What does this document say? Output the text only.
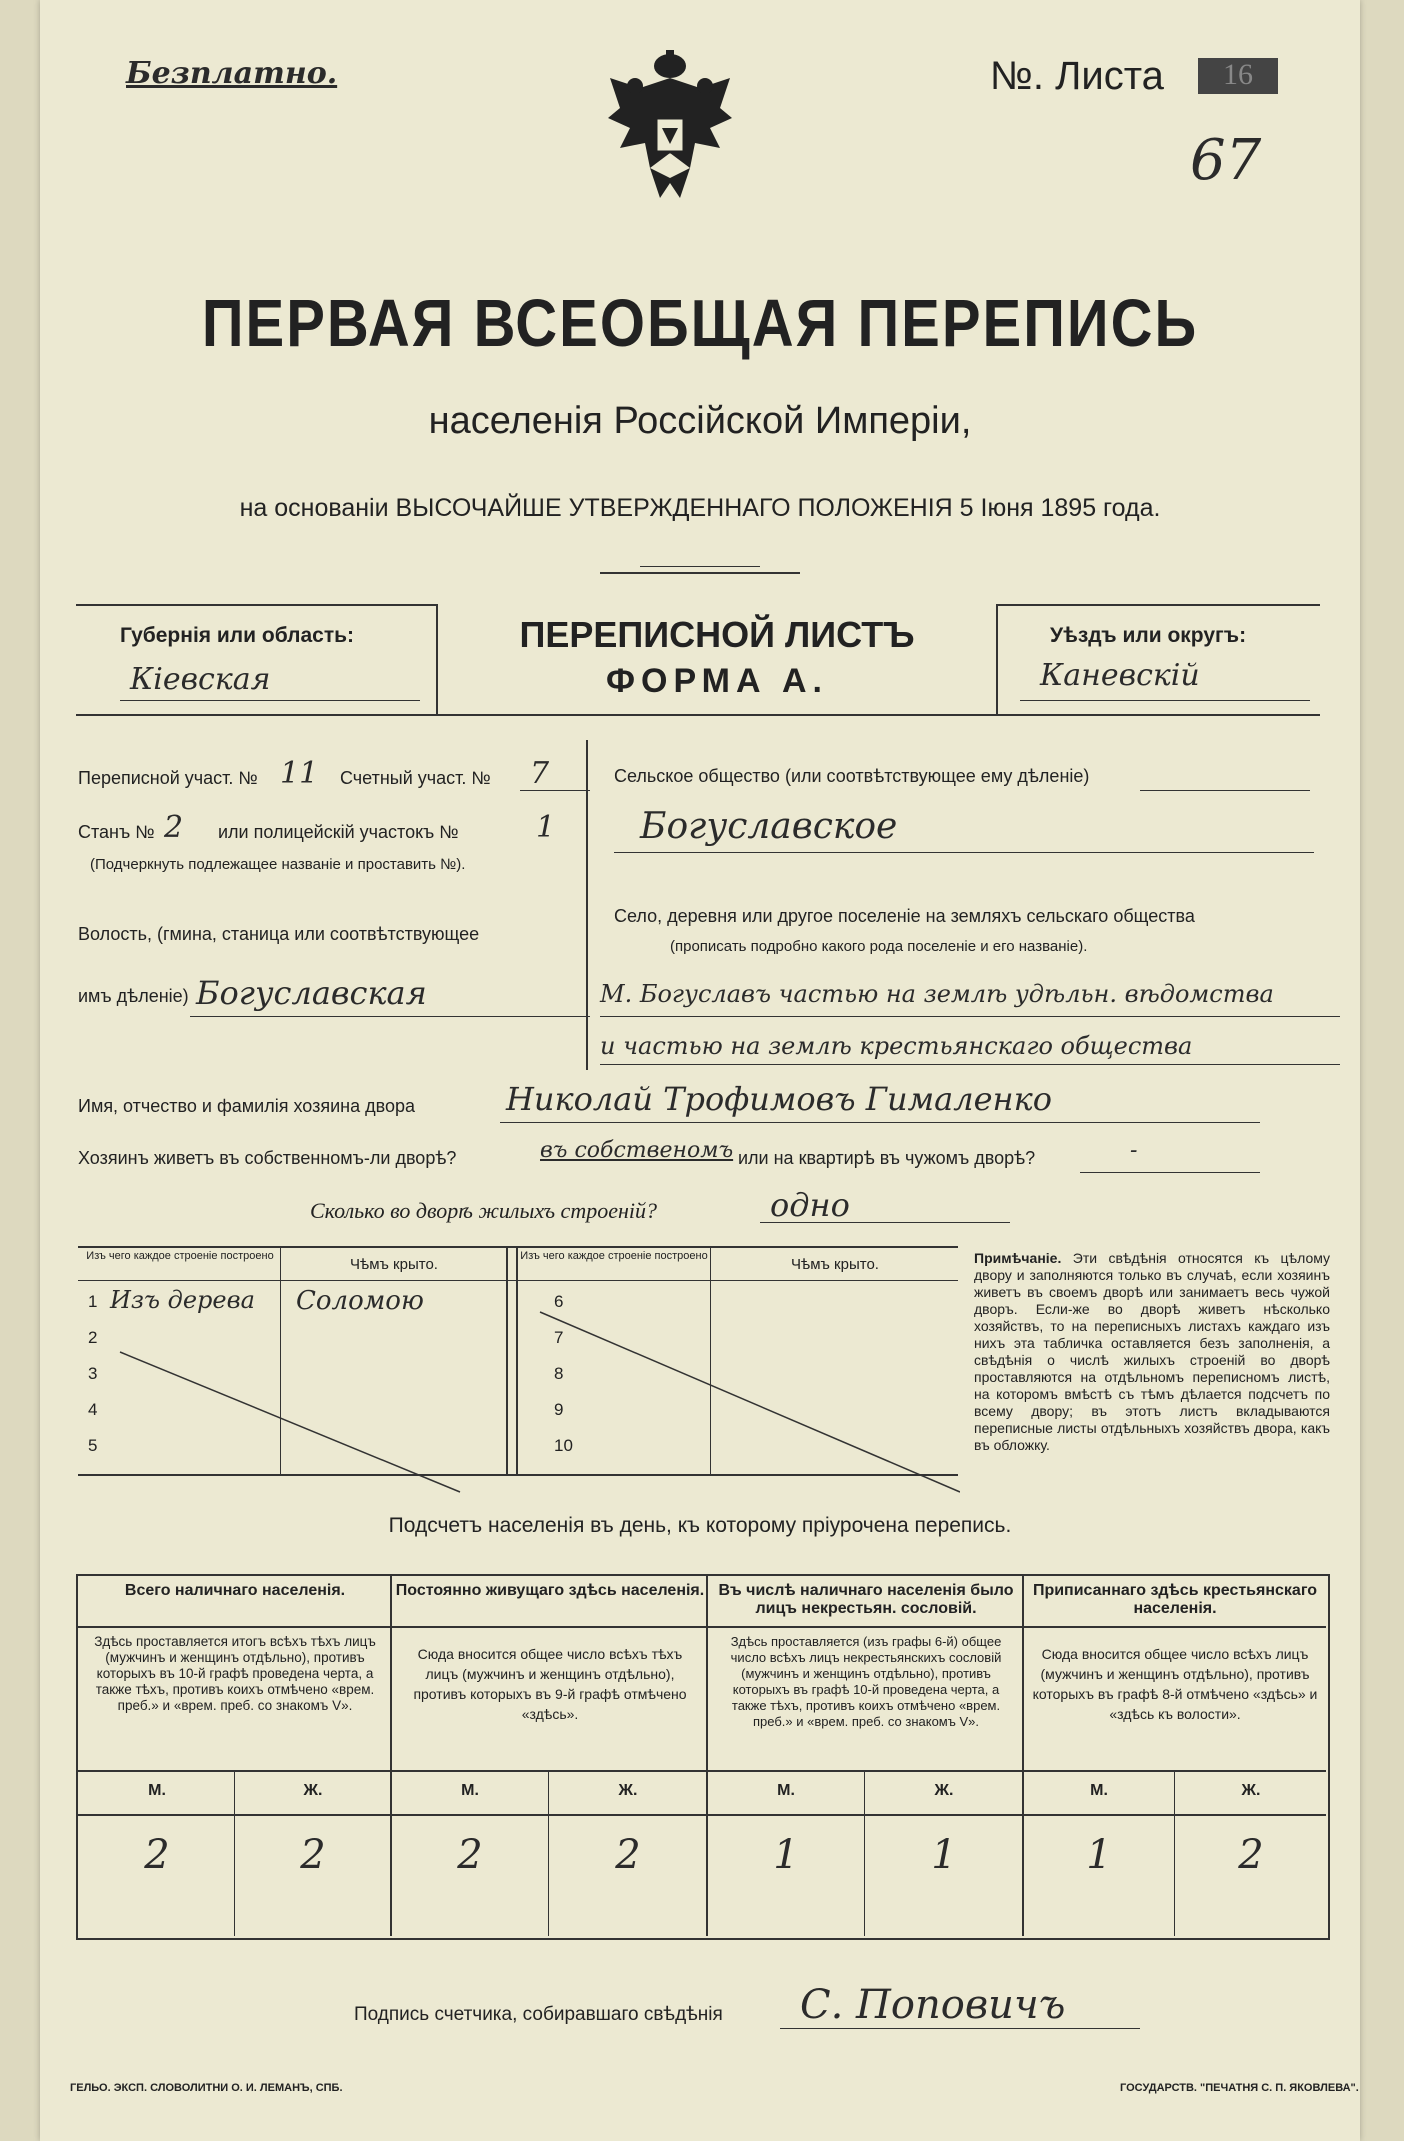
Безплатно.	№. Листа	16
67

ПЕРВАЯ ВСЕОБЩАЯ ПЕРЕПИСЬ
населенія Россійской Имперіи,
на основаніи ВЫСОЧАЙШЕ УТВЕРЖДЕННАГО ПОЛОЖЕНІЯ 5 Іюня 1895 года.
Губернія или область:
Кіевская
ПЕРЕПИСНОЙ ЛИСТЪ
ФОРМА А.
Уѣздъ или округъ:
Каневскій
Переписной участ. № 11 Счетный участ. № 7
Станъ № 2 или полицейскій участокъ №	1
(Подчеркнуть подлежащее названіе и проставить №).
Волость, (гмина, станица или соотвѣтствующее
имъ дѣленіе) Богуславская
Сельское общество (или соотвѣтствующее ему дѣленіе)
Богуславское
Село, деревня или другое поселеніе на земляхъ сельскаго общества
(прописать подробно какого рода поселеніе и его названіе).
М. Богуславъ частью на землѣ удѣльн. вѣдомства
и частью на землѣ крестьянскаго общества
Имя, отчество и фамилія хозяина двора	Николай Трофимовъ Гималенко
Хозяинъ живетъ въ собственномъ-ли дворѣ?	въ собственомъ или на квартирѣ въ чужомъ дворѣ?	-
Сколько во дворѣ жилыхъ строеній?	одно
Изъ чего каждое строеніе построено	Чѣмъ крыто.	Изъ чего каждое строеніе построено	Чѣмъ крыто.
1 Изъ дерева Соломою
2
3
4
5
6
7
8
9
10
Примѣчаніе. Эти свѣдѣнія относятся къ цѣлому двору и заполняются только въ случаѣ, если хозяинъ живетъ въ своемъ дворѣ или занимаетъ весь чужой дворъ. Если-же во дворѣ живетъ нѣсколько хозяйствъ, то на переписныхъ листахъ каждаго изъ нихъ эта табличка оставляется безъ заполненія, а свѣдѣнія о числѣ жилыхъ строеній во дворѣ проставляются на отдѣльномъ переписномъ листѣ, на которомъ вмѣстѣ съ тѣмъ дѣлается подсчетъ по всему двору; въ этотъ листъ вкладываются переписные листы отдѣльныхъ хозяйствъ двора, какъ въ обложку.
Подсчетъ населенія въ день, къ которому пріурочена перепись.
Всего наличнаго населенія.
Здѣсь проставляется итогъ всѣхъ тѣхъ лицъ (мужчинъ и женщинъ отдѣльно), противъ которыхъ въ 10-й графѣ проведена черта, а также тѣхъ, противъ коихъ отмѣчено «врем. преб.» и «врем. преб. со знакомъ V».
М.	Ж.
2	2
Постоянно живущаго здѣсь населенія.
Сюда вносится общее число всѣхъ тѣхъ лицъ (мужчинъ и женщинъ отдѣльно), противъ которыхъ въ 9-й графѣ отмѣчено «здѣсь».
М.	Ж.
2	2
Въ числѣ наличнаго населенія было лицъ некрестьян. сословій.
Здѣсь проставляется (изъ графы 6-й) общее число всѣхъ лицъ некрестьянскихъ сословій (мужчинъ и женщинъ отдѣльно), противъ которыхъ въ графѣ 10-й проведена черта, а также тѣхъ, противъ коихъ отмѣчено «врем. преб.» и «врем. преб. со знакомъ V».
М.	Ж.
1	1
Приписаннаго здѣсь крестьянскаго населенія.
Сюда вносится общее число всѣхъ лицъ (мужчинъ и женщинъ отдѣльно), противъ которыхъ въ графѣ 8-й отмѣчено «здѣсь» и «здѣсь къ волости».
М.	Ж.
1	2
Подпись счетчика, собиравшаго свѣдѣнія С. Поповичъ
ГЕЛЬО. ЭКСП. СЛОВОЛИТНИ О. И. ЛЕМАНЪ, СПБ.	ГОСУДАРСТВ. "ПЕЧАТНЯ С. П. ЯКОВЛЕВА".
